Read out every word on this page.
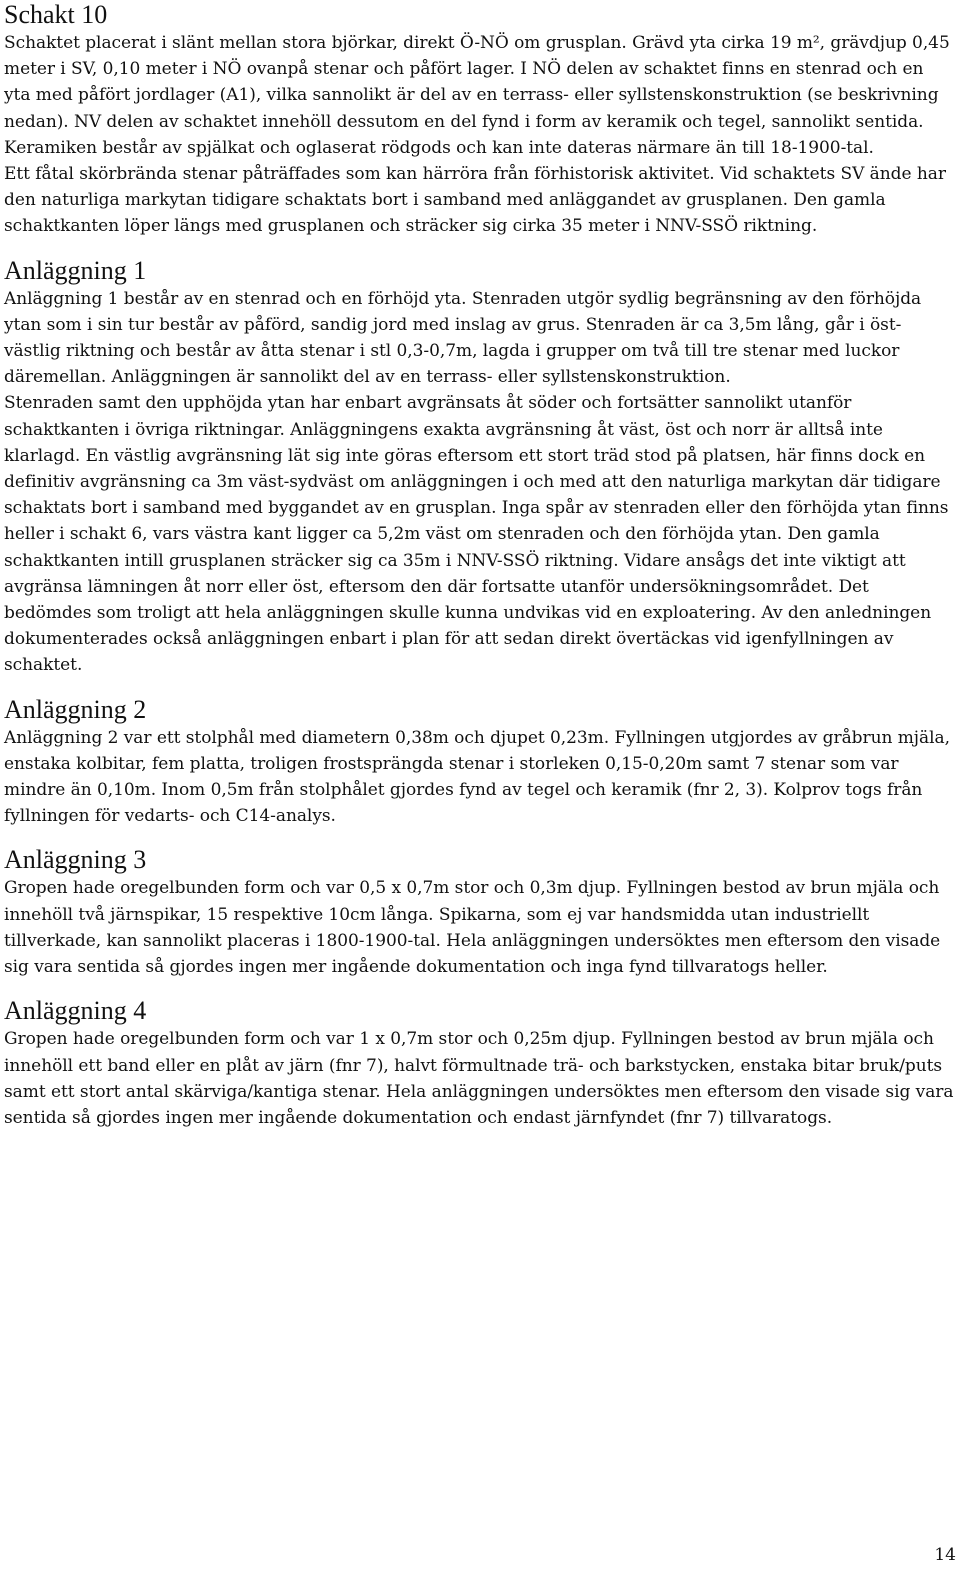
Schakt 10

Schaktet placerat i slänt mellan stora björkar, direkt Ö-NÖ om grusplan. Grävd yta cirka 19 m², grävdjup 0,45 meter i SV, 0,10 meter i NÖ ovanpå stenar och påfört lager. I NÖ delen av schaktet finns en stenrad och en yta med påfört jordlager (A1), vilka sannolikt är del av en terrass- eller syllstenskonstruktion (se beskrivning nedan). NV delen av schaktet innehöll dessutom en del fynd i form av keramik och tegel, sannolikt sentida. Keramiken består av spjälkat och oglaserat rödgods och kan inte dateras närmare än till 18-1900-tal.

Ett fåtal skörbrända stenar påträffades som kan härröra från förhistorisk aktivitet. Vid schaktets SV ände har den naturliga markytan tidigare schaktats bort i samband med anläggandet av grusplanen. Den gamla schaktkanten löper längs med grusplanen och sträcker sig cirka 35 meter i NNV-SSÖ riktning.

Anläggning 1

Anläggning 1 består av en stenrad och en förhöjd yta. Stenraden utgör sydlig begränsning av den förhöjda ytan som i sin tur består av påförd, sandig jord med inslag av grus. Stenraden är ca 3,5m lång, går i öst-västlig riktning och består av åtta stenar i stl 0,3-0,7m, lagda i grupper om två till tre stenar med luckor däremellan. Anläggningen är sannolikt del av en terrass- eller syllstenskonstruktion.

Stenraden samt den upphöjda ytan har enbart avgränsats åt söder och fortsätter sannolikt utanför schaktkanten i övriga riktningar. Anläggningens exakta avgränsning åt väst, öst och norr är alltså inte klarlagd. En västlig avgränsning lät sig inte göras eftersom ett stort träd stod på platsen, här finns dock en definitiv avgränsning ca 3m väst-sydväst om anläggningen i och med att den naturliga markytan där tidigare schaktats bort i samband med byggandet av en grusplan. Inga spår av stenraden eller den förhöjda ytan finns heller i schakt 6, vars västra kant ligger ca 5,2m väst om stenraden och den förhöjda ytan. Den gamla schaktkanten intill grusplanen sträcker sig ca 35m i NNV-SSÖ riktning. Vidare ansågs det inte viktigt att avgränsa lämningen åt norr eller öst, eftersom den där fortsatte utanför undersökningsområdet. Det bedömdes som troligt att hela anläggningen skulle kunna undvikas vid en exploatering. Av den anledningen dokumenterades också anläggningen enbart i plan för att sedan direkt övertäckas vid igenfyllningen av schaktet.

Anläggning 2

Anläggning 2 var ett stolphål med diametern 0,38m och djupet 0,23m. Fyllningen utgjordes av gråbrun mjäla, enstaka kolbitar, fem platta, troligen frostsprängda stenar i storleken 0,15-0,20m samt 7 stenar som var mindre än 0,10m. Inom 0,5m från stolphålet gjordes fynd av tegel och keramik (fnr 2, 3). Kolprov togs från fyllningen för vedarts- och C14-analys.

Anläggning 3

Gropen hade oregelbunden form och var 0,5 x 0,7m stor och 0,3m djup. Fyllningen bestod av brun mjäla och innehöll två järnspikar, 15 respektive 10cm långa. Spikarna, som ej var handsmidda utan industriellt tillverkade, kan sannolikt placeras i 1800-1900-tal. Hela anläggningen undersöktes men eftersom den visade sig vara sentida så gjordes ingen mer ingående dokumentation och inga fynd tillvaratogs heller.

Anläggning 4

Gropen hade oregelbunden form och var 1 x 0,7m stor och 0,25m djup. Fyllningen bestod av brun mjäla och innehöll ett band eller en plåt av järn (fnr 7), halvt förmultnade trä- och barkstycken, enstaka bitar bruk/puts samt ett stort antal skärviga/kantiga stenar. Hela anläggningen undersöktes men eftersom den visade sig vara sentida så gjordes ingen mer ingående dokumentation och endast järnfyndet (fnr 7) tillvaratogs.

14
